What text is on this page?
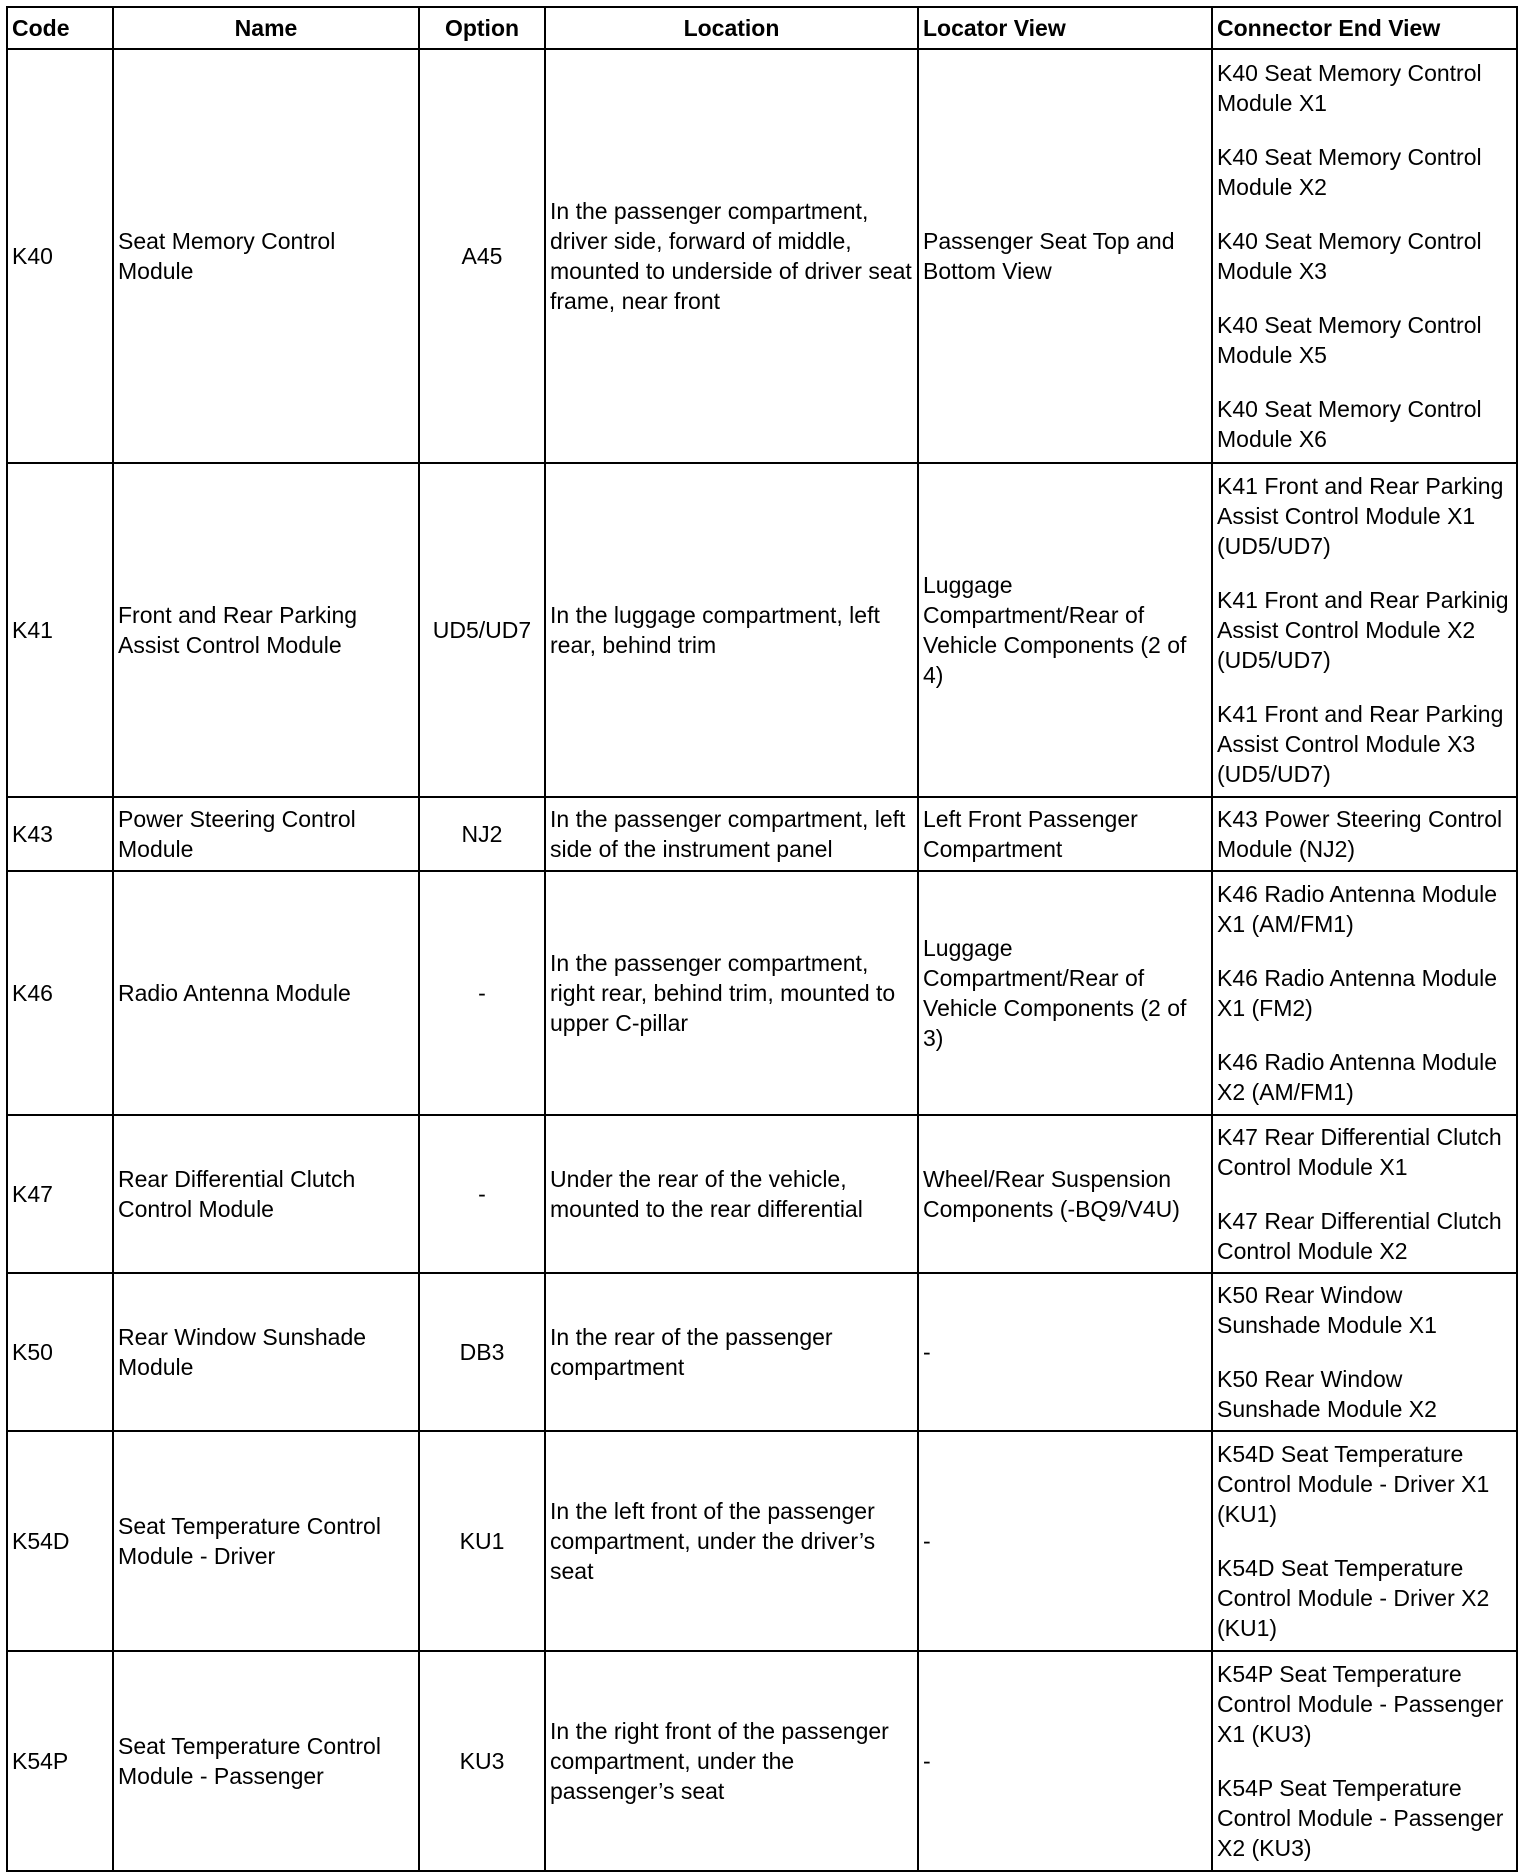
Code	Name	Option	Location	Locator View	Connector End View
K40	Seat Memory Control Module	A45	In the passenger compartment, driver side, forward of middle, mounted to underside of driver seat frame, near front	Passenger Seat Top and Bottom View	K40 Seat Memory Control Module X1
K40 Seat Memory Control Module X2
K40 Seat Memory Control Module X3
K40 Seat Memory Control Module X5
K40 Seat Memory Control Module X6

K41	Front and Rear Parking Assist Control Module	UD5/UD7	In the luggage compartment, left rear, behind trim	Luggage Compartment/Rear of Vehicle Components (2 of 4)	K41 Front and Rear Parking Assist Control Module X1 (UD5/UD7)
K41 Front and Rear Parkinig Assist Control Module X2 (UD5/UD7)
K41 Front and Rear Parking Assist Control Module X3 (UD5/UD7)

K43	Power Steering Control Module	NJ2	In the passenger compartment, left side of the instrument panel	Left Front Passenger Compartment	K43 Power Steering Control Module (NJ2)

K46	Radio Antenna Module	-	In the passenger compartment, right rear, behind trim, mounted to upper C-pillar	Luggage Compartment/Rear of Vehicle Components (2 of 3)	K46 Radio Antenna Module X1 (AM/FM1)
K46 Radio Antenna Module X1 (FM2)
K46 Radio Antenna Module X2 (AM/FM1)

K47	Rear Differential Clutch Control Module	-	Under the rear of the vehicle, mounted to the rear differential	Wheel/Rear Suspension Components (-BQ9/V4U)	K47 Rear Differential Clutch Control Module X1
K47 Rear Differential Clutch Control Module X2

K50	Rear Window Sunshade Module	DB3	In the rear of the passenger compartment	-	K50 Rear Window Sunshade Module X1
K50 Rear Window Sunshade Module X2

K54D	Seat Temperature Control Module - Driver	KU1	In the left front of the passenger compartment, under the driver’s seat	-	K54D Seat Temperature Control Module - Driver X1 (KU1)
K54D Seat Temperature Control Module - Driver X2 (KU1)

K54P	Seat Temperature Control Module - Passenger	KU3	In the right front of the passenger compartment, under the passenger’s seat	-	K54P Seat Temperature Control Module - Passenger X1 (KU3)
K54P Seat Temperature Control Module - Passenger X2 (KU3)
